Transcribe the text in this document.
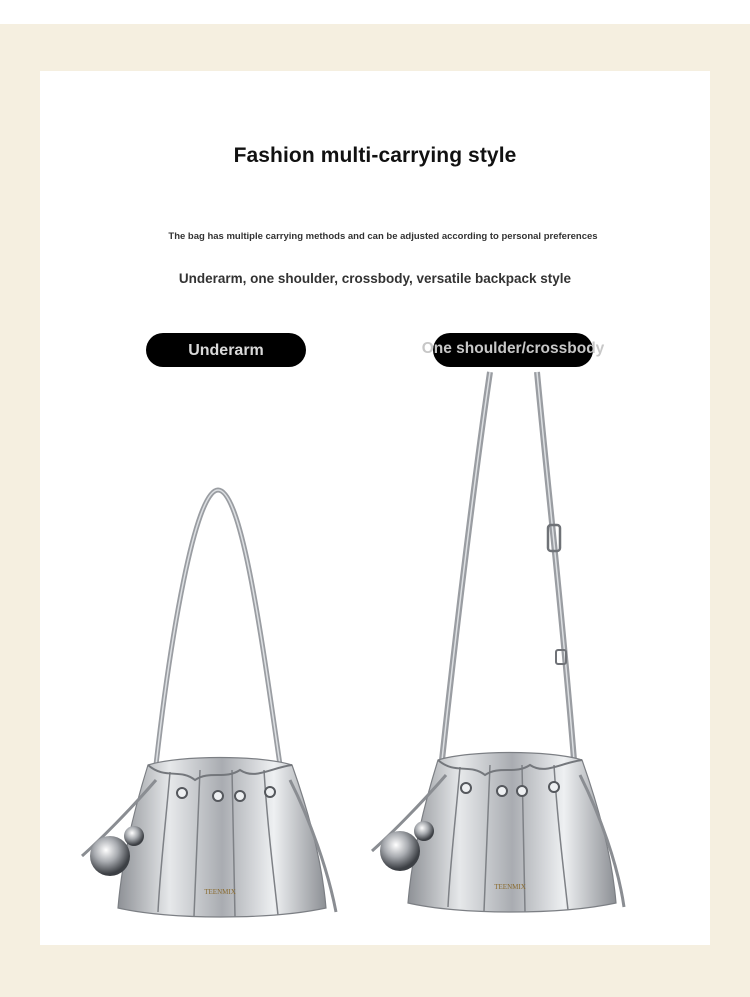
Fashion multi-carrying style
The bag has multiple carrying methods and can be adjusted according to personal preferences
Underarm, one shoulder, crossbody, versatile backpack style
Underarm	One shoulder/crossbody
TEENMIX
TEENMIX
